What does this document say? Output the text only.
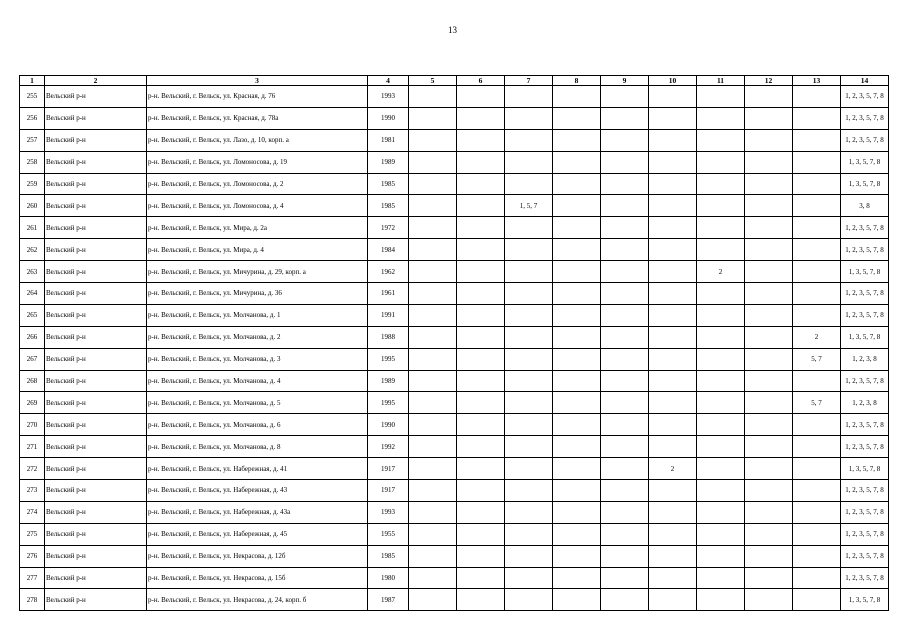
13
1	2	3	4	5	6	7	8	9	10	11	12	13	14
255	Вельский р-н	р-н. Вельский, г. Вельск, ул. Красная, д. 76	1993										1, 2, 3, 5, 7, 8
256	Вельский р-н	р-н. Вельский, г. Вельск, ул. Красная, д. 78а	1990										1, 2, 3, 5, 7, 8
257	Вельский р-н	р-н. Вельский, г. Вельск, ул. Лазо, д. 10, корп. а	1981										1, 2, 3, 5, 7, 8
258	Вельский р-н	р-н. Вельский, г. Вельск, ул. Ломоносова, д. 19	1989										1, 3, 5, 7, 8
259	Вельский р-н	р-н. Вельский, г. Вельск, ул. Ломоносова, д. 2	1985										1, 3, 5, 7, 8
260	Вельский р-н	р-н. Вельский, г. Вельск, ул. Ломоносова, д. 4	1985			1, 5, 7							3, 8
261	Вельский р-н	р-н. Вельский, г. Вельск, ул. Мира, д. 2а	1972										1, 2, 3, 5, 7, 8
262	Вельский р-н	р-н. Вельский, г. Вельск, ул. Мира, д. 4	1984										1, 2, 3, 5, 7, 8
263	Вельский р-н	р-н. Вельский, г. Вельск, ул. Мичурина, д. 29, корп. а	1962							2			1, 3, 5, 7, 8
264	Вельский р-н	р-н. Вельский, г. Вельск, ул. Мичурина, д. 36	1961										1, 2, 3, 5, 7, 8
265	Вельский р-н	р-н. Вельский, г. Вельск, ул. Молчанова, д. 1	1991										1, 2, 3, 5, 7, 8
266	Вельский р-н	р-н. Вельский, г. Вельск, ул. Молчанова, д. 2	1988									2	1, 3, 5, 7, 8
267	Вельский р-н	р-н. Вельский, г. Вельск, ул. Молчанова, д. 3	1995									5, 7	1, 2, 3, 8
268	Вельский р-н	р-н. Вельский, г. Вельск, ул. Молчанова, д. 4	1989										1, 2, 3, 5, 7, 8
269	Вельский р-н	р-н. Вельский, г. Вельск, ул. Молчанова, д. 5	1995									5, 7	1, 2, 3, 8
270	Вельский р-н	р-н. Вельский, г. Вельск, ул. Молчанова, д. 6	1990										1, 2, 3, 5, 7, 8
271	Вельский р-н	р-н. Вельский, г. Вельск, ул. Молчанова, д. 8	1992										1, 2, 3, 5, 7, 8
272	Вельский р-н	р-н. Вельский, г. Вельск, ул. Набережная, д. 41	1917						2				1, 3, 5, 7, 8
273	Вельский р-н	р-н. Вельский, г. Вельск, ул. Набережная, д. 43	1917										1, 2, 3, 5, 7, 8
274	Вельский р-н	р-н. Вельский, г. Вельск, ул. Набережная, д. 43а	1993										1, 2, 3, 5, 7, 8
275	Вельский р-н	р-н. Вельский, г. Вельск, ул. Набережная, д. 45	1955										1, 2, 3, 5, 7, 8
276	Вельский р-н	р-н. Вельский, г. Вельск, ул. Некрасова, д. 12б	1985										1, 2, 3, 5, 7, 8
277	Вельский р-н	р-н. Вельский, г. Вельск, ул. Некрасова, д. 15б	1980										1, 2, 3, 5, 7, 8
278	Вельский р-н	р-н. Вельский, г. Вельск, ул. Некрасова, д. 24, корп. б	1987										1, 3, 5, 7, 8
